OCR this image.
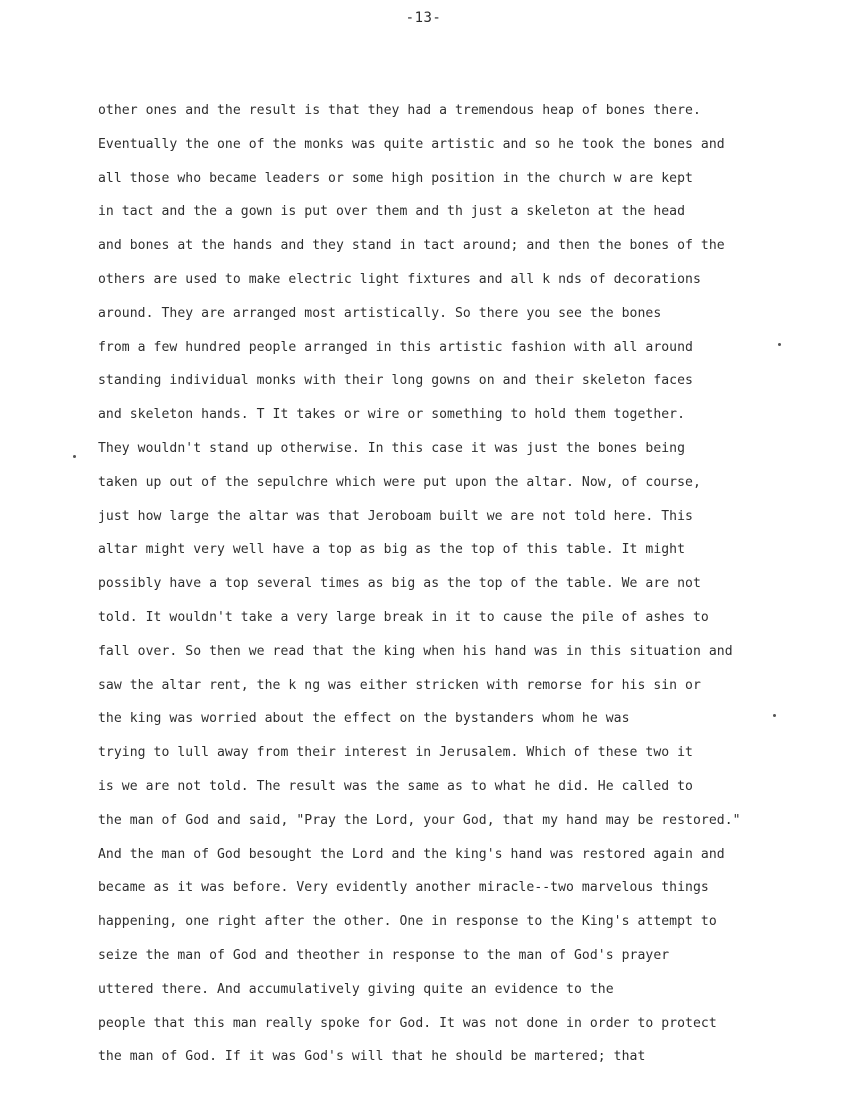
-13-
other ones and the result is that they had a tremendous heap of bones there.
Eventually the one of the monks was quite artistic and so he took the bones and
all those who became leaders or some high position in the church w are kept
in tact and the a gown is put over them and th just a skeleton at the head
and bones at the hands and they stand in tact around; and then the bones of the
others are used to make electric light fixtures and all k nds of decorations
around. They are arranged most artistically. So there you see the bones
from a few hundred people arranged in this artistic fashion with all around
standing individual monks with their long gowns on and their skeleton faces
and skeleton hands. T It takes or wire or something to hold them together.
They wouldn't stand up otherwise. In this case it was just the bones being
taken up out of the sepulchre which were put upon the altar. Now, of course,
just how large the altar was that Jeroboam built we are not told here. This
altar might very well have a top as big as the top of this table. It might
possibly have a top several times as big as the top of the table. We are not
told. It wouldn't take a very large break in it to cause the pile of ashes to
fall over. So then we read that the king when his hand was in this situation and
saw the altar rent, the k ng was either stricken with remorse for his sin or
the king was worried about the effect on the bystanders whom he was
trying to lull away from their interest in Jerusalem. Which of these two it
is we are not told. The result was the same as to what he did. He called to
the man of God and said, "Pray the Lord, your God, that my hand may be restored."
And the man of God besought the Lord and the king's hand was restored again and
became as it was before. Very evidently another miracle--two marvelous things
happening, one right after the other. One in response to the King's attempt to
seize the man of God and theother in response to the man of God's prayer
uttered there. And accumulatively giving quite an evidence to the
people that this man really spoke for God. It was not done in order to protect
the man of God. If it was God's will that he should be martered; that
